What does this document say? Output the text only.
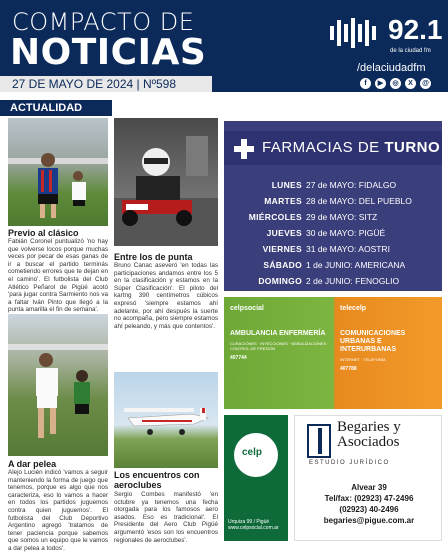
COMPACTO DE
NOTICIAS
27 DE MAYO DE 2024 | Nº598
92.1
de la ciudad fm
/delaciudadfm
f	▶	◎	X	@
ACTUALIDAD
Previo al clásico
Fabián Coronel puntualizó 'no hay que volverse locos porque muchas veces por pecar de esas ganas de ir a buscar el partido terminás cometiendo errores que te dejan en el camino'. El futbolista del Club Atlético Peñarol de Pigüé acotó 'para jugar contra Sarmiento nos va a faltar Iván Pinto que llegó a la punta amarilla el fin de semana'.
Entre los de punta
Bruno Canac aseveró 'en todas las participaciones andamos entre los 5 en la clasificación y estamos en la Súper Clasificación'. El piloto del kartng 390 centímetros cúbicos expresó 'siempre estamos ahí adelante, por ahí después la suerte no acompaña, pero siempre estamos ahí peleando, y más que contentos'.
A dar pelea
Alejo Lucién indicó 'vamos a seguir manteniendo la forma de juego que tenemos, porque es algo que nos caracteriza, eso lo vamos a hacer en todos los partidos juguemos contra quien juguemos'. El futbolista del Club Deportivo Argentino agregó 'tratamos de tener paciencia porque sabemos que somos un equipo que le vamos a dar pelea a todos'.
Los encuentros con aeroclubes
Sergio Combes manifestó 'en octubre ya tenemos una fecha otorgada para los famosos aero asados. Eso es tradicional'. El Presidente del Aero Club Pigüé argumentó 'esos son los encuentros regionales de aeroclubes'.
FARMACIAS DE TURNO
LUNES 27 de MAYO: FIDALGO
MARTES 28 de MAYO: DEL PUEBLO
MIÉRCOLES 29 de MAYO: SITZ
JUEVES 30 de MAYO: PIGÜÉ
VIERNES 31 de MAYO: AOSTRI
SÁBADO 1 de JUNIO: AMERICANA
DOMINGO 2 de JUNIO: FENOGLIO
celpsocial
AMBULANCIA ENFERMERÍA
CURACIONES · INYECCIONES · NEBULIZACIONES · CONTROL DE PRESIÓN
407744
telecelp
COMUNICACIONES URBANAS E INTERURBANAS
INTERNET · TELEFONÍA
407788
celp
Urquiza 99 / Pigüé www.celpsocial.com.ar
Begaries y
Asociados
ESTUDIO JURÍDICO
Alvear 39
Tel/fax: (02923) 47-2496
(02923) 40-2496
begaries@pigue.com.ar
